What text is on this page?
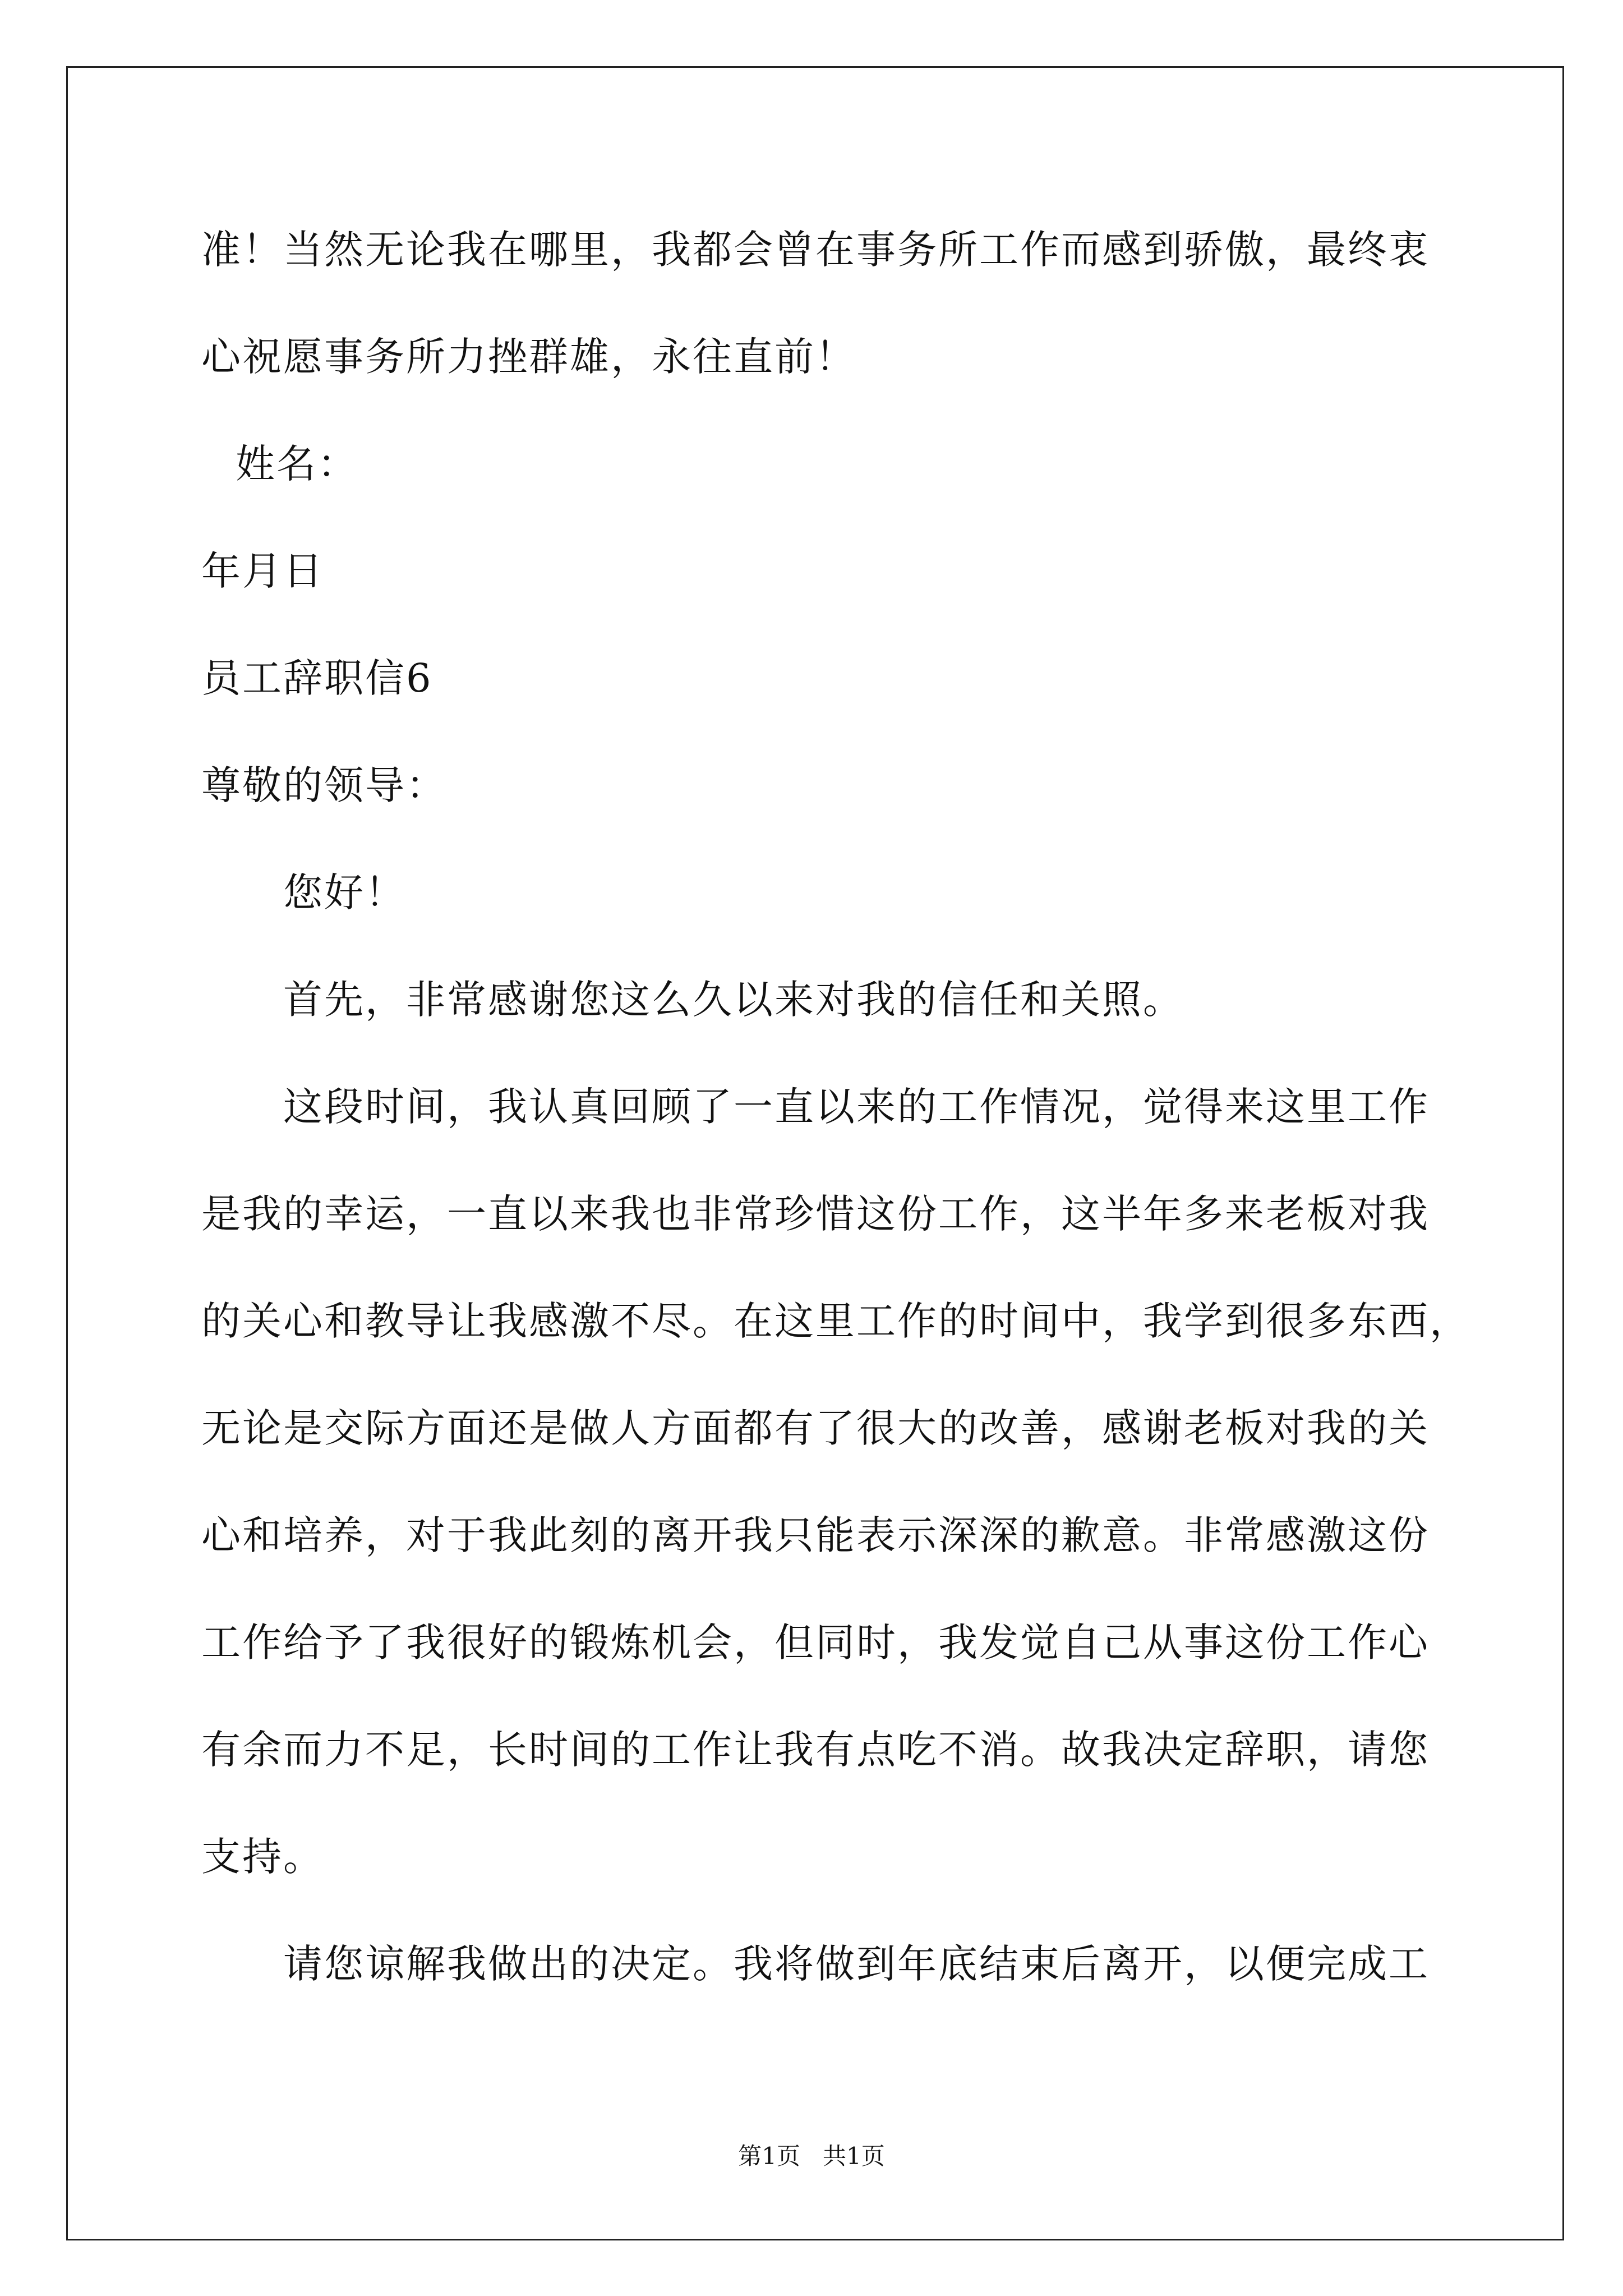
准！当然无论我在哪里，我都会曾在事务所工作而感到骄傲，最终衷
心祝愿事务所力挫群雄，永往直前！
姓名：
年月日
员工辞职信6
尊敬的领导：
您好！
首先，非常感谢您这么久以来对我的信任和关照。
这段时间，我认真回顾了一直以来的工作情况，觉得来这里工作
是我的幸运，一直以来我也非常珍惜这份工作，这半年多来老板对我
的关心和教导让我感激不尽。在这里工作的时间中，我学到很多东西，
无论是交际方面还是做人方面都有了很大的改善，感谢老板对我的关
心和培养，对于我此刻的离开我只能表示深深的歉意。非常感激这份
工作给予了我很好的锻炼机会，但同时，我发觉自己从事这份工作心
有余而力不足，长时间的工作让我有点吃不消。故我决定辞职，请您
支持。
请您谅解我做出的决定。我将做到年底结束后离开，以便完成工
第1页   共1页
